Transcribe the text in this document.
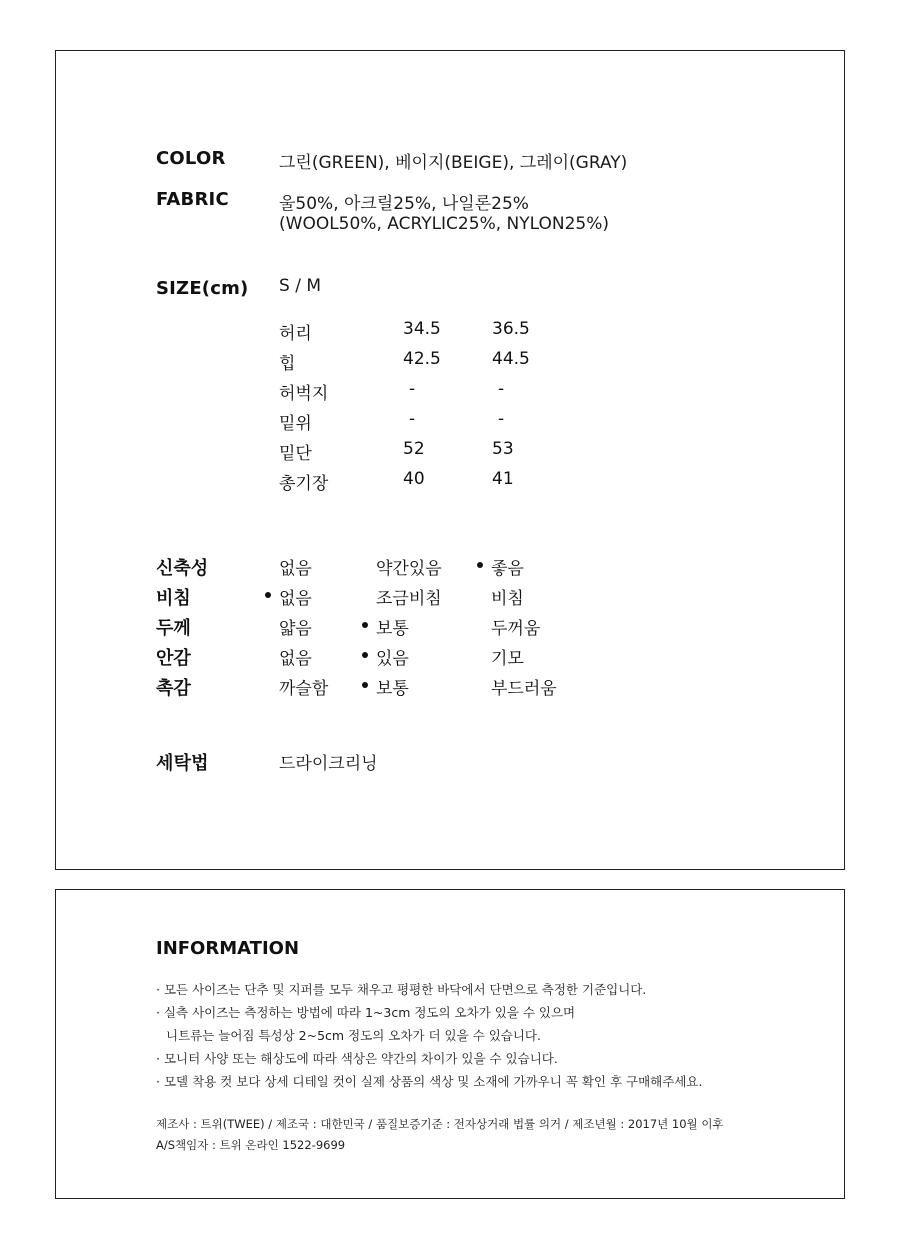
COLOR	그린(GREEN), 베이지(BEIGE), 그레이(GRAY)
FABRIC	울50%, 아크릴25%, 나일론25%
(WOOL50%, ACRYLIC25%, NYLON25%)
SIZE(cm) S / M
허리	34.5	36.5
힙	42.5	44.5
허벅지	-	-
밑위	-	-
밑단	52	53
총기장	40	41
신축성	없음	약간있음	좋음
비침	없음	조금비침	비침
두께	얇음	보통	두꺼움
안감	없음	있음	기모
촉감	까슬함	보통	부드러움
세탁법	드라이크리닝
INFORMATION
· 모든 사이즈는 단추 및 지퍼를 모두 채우고 평평한 바닥에서 단면으로 측정한 기준입니다.
· 실측 사이즈는 측정하는 방법에 따라 1~3cm 정도의 오차가 있을 수 있으며
니트류는 늘어짐 특성상 2~5cm 정도의 오차가 더 있을 수 있습니다.
· 모니터 사양 또는 해상도에 따라 색상은 약간의 차이가 있을 수 있습니다.
· 모델 착용 컷 보다 상세 디테일 컷이 실제 상품의 색상 및 소재에 가까우니 꼭 확인 후 구매해주세요.
제조사 : 트위(TWEE) / 제조국 : 대한민국 / 품질보증기준 : 전자상거래 법률 의거 / 제조년월 : 2017년 10월 이후
A/S책임자 : 트위 온라인 1522-9699
